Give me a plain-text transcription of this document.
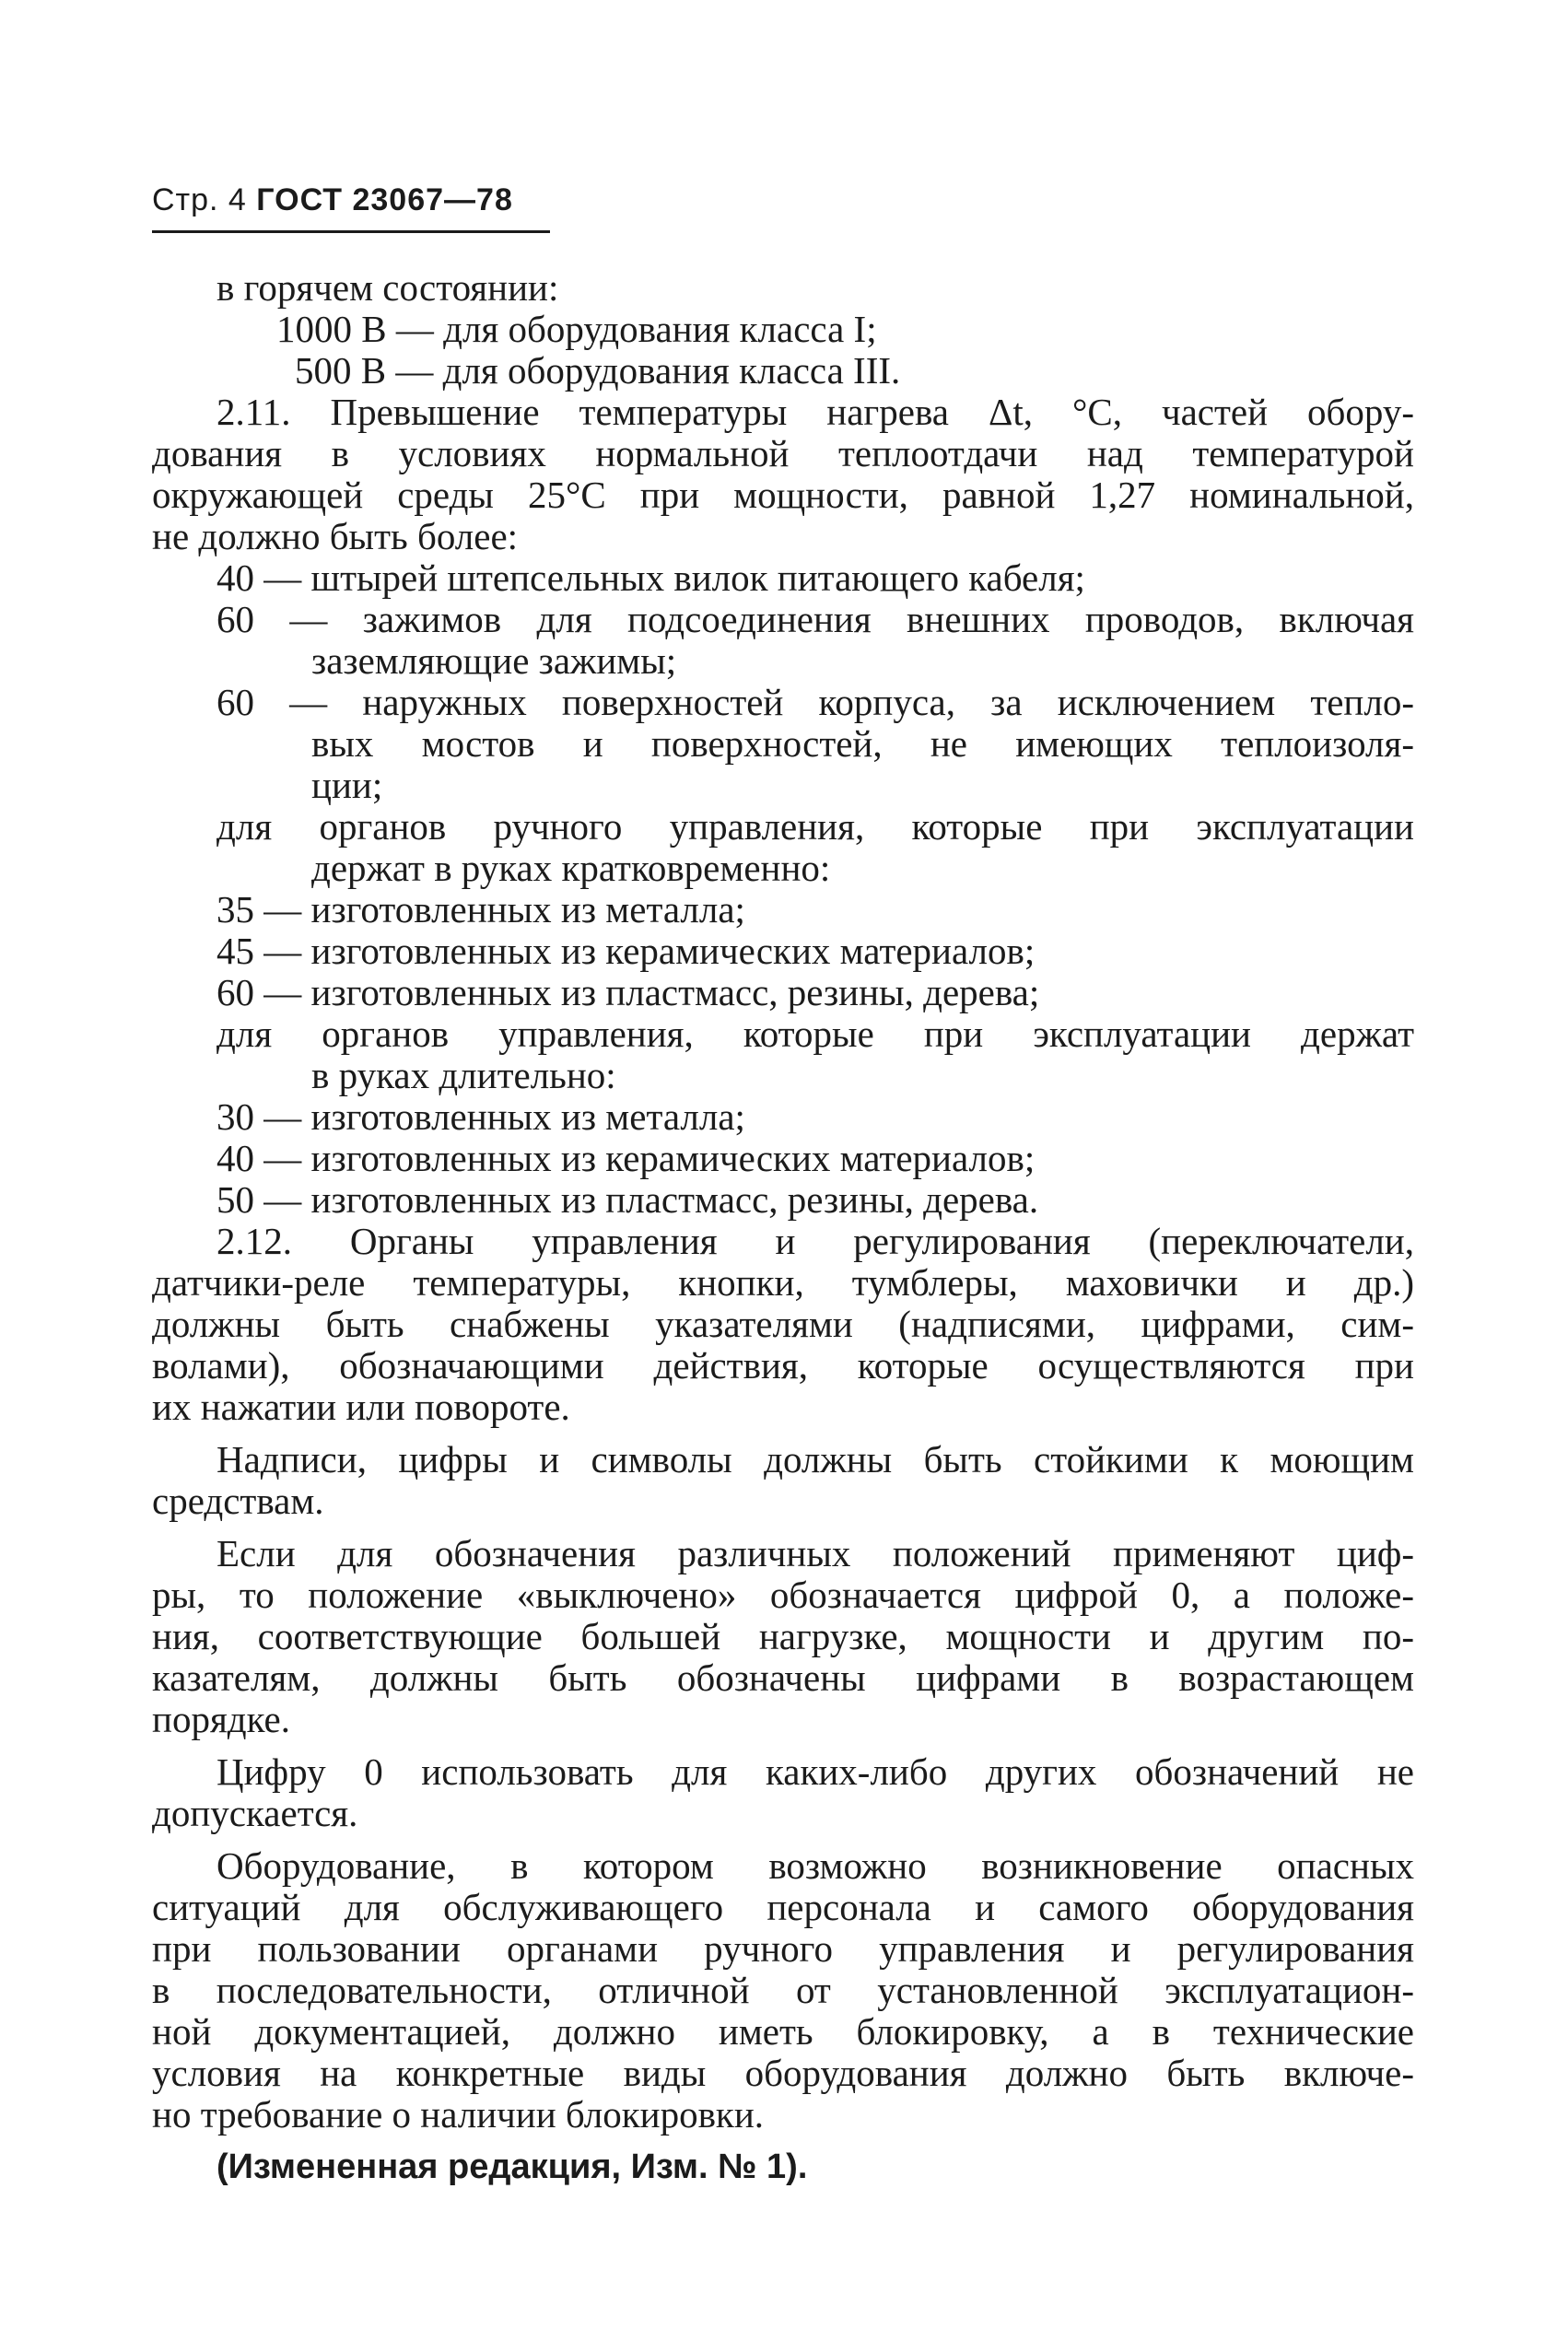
Стр. 4 ГОСТ 23067—78
в горячем состоянии:
1000 В — для оборудования класса I;
500 В — для оборудования класса III.
2.11. Превышение температуры нагрева Δt, °С, частей обору-
дования в условиях нормальной теплоотдачи над температурой
окружающей среды 25°С при мощности, равной 1,27 номинальной,
не должно быть более:
40 — штырей штепсельных вилок питающего кабеля;
60 — зажимов для подсоединения внешних проводов, включая
заземляющие зажимы;
60 — наружных поверхностей корпуса, за исключением тепло-
вых мостов и поверхностей, не имеющих теплоизоля-
ции;
для органов ручного управления, которые при эксплуатации
держат в руках кратковременно:
35 — изготовленных из металла;
45 — изготовленных из керамических материалов;
60 — изготовленных из пластмасс, резины, дерева;
для органов управления, которые при эксплуатации держат
в руках длительно:
30 — изготовленных из металла;
40 — изготовленных из керамических материалов;
50 — изготовленных из пластмасс, резины, дерева.
2.12. Органы управления и регулирования (переключатели,
датчики-реле температуры, кнопки, тумблеры, маховички и др.)
должны быть снабжены указателями (надписями, цифрами, сим-
волами), обозначающими действия, которые осуществляются при
их нажатии или повороте.
Надписи, цифры и символы должны быть стойкими к моющим
средствам.
Если для обозначения различных положений применяют циф-
ры, то положение «выключено» обозначается цифрой 0, а положе-
ния, соответствующие большей нагрузке, мощности и другим по-
казателям, должны быть обозначены цифрами в возрастающем
порядке.
Цифру 0 использовать для каких-либо других обозначений не
допускается.
Оборудование, в котором возможно возникновение опасных
ситуаций для обслуживающего персонала и самого оборудования
при пользовании органами ручного управления и регулирования
в последовательности, отличной от установленной эксплуатацион-
ной документацией, должно иметь блокировку, а в технические
условия на конкретные виды оборудования должно быть включе-
но требование о наличии блокировки.
(Измененная редакция, Изм. № 1).
